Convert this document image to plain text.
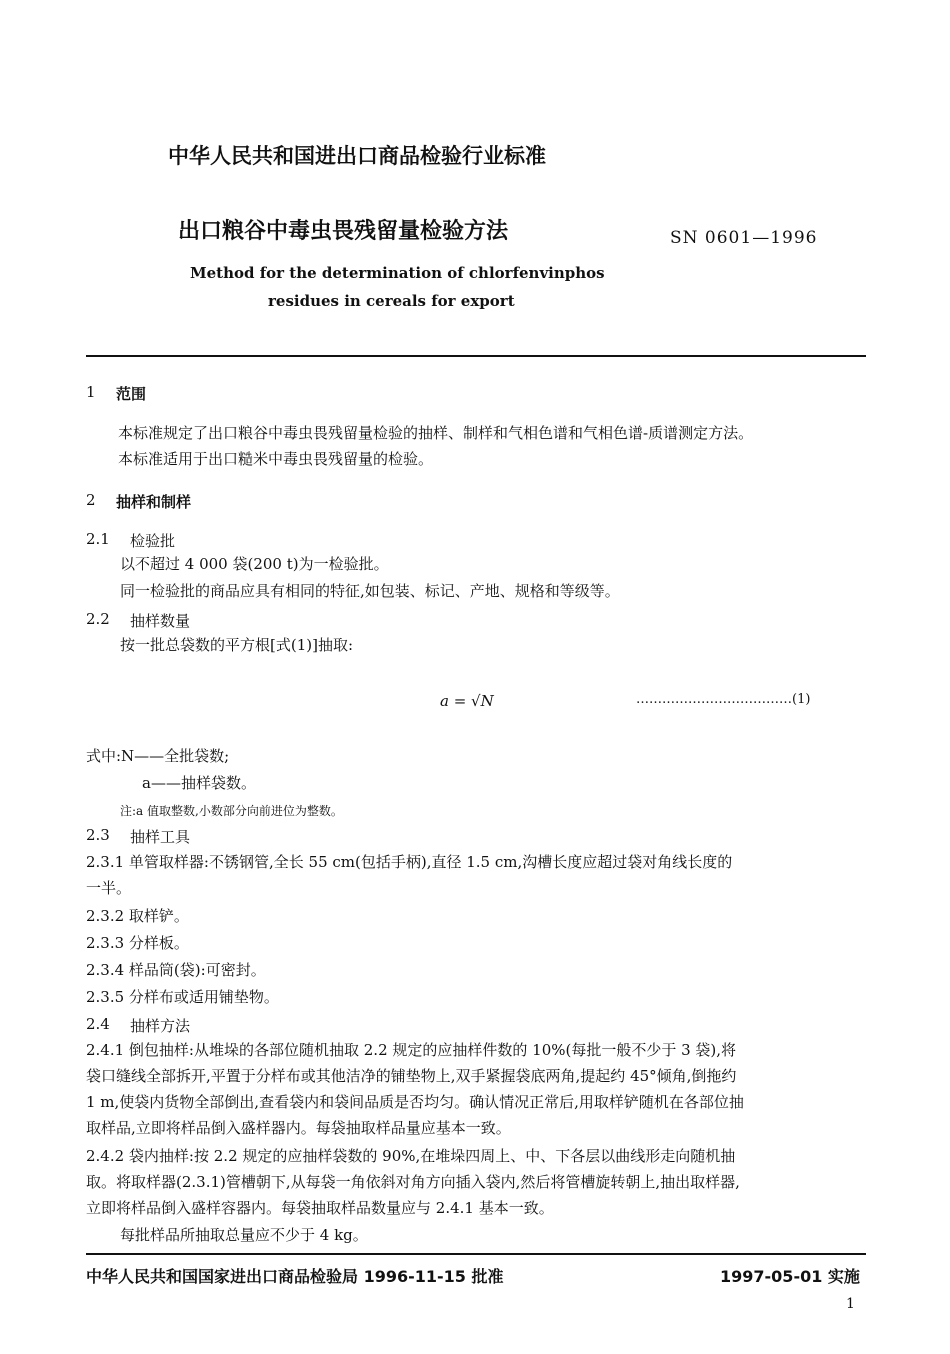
中华人民共和国进出口商品检验行业标准
出口粮谷中毒虫畏残留量检验方法	SN 0601—1996
Method for the determination of chlorfenvinphos
residues in cereals for export
1 范围
本标准规定了出口粮谷中毒虫畏残留量检验的抽样、制样和气相色谱和气相色谱-质谱测定方法。
本标准适用于出口糙米中毒虫畏残留量的检验。
2 抽样和制样
2.1 检验批
以不超过 4 000 袋(200 t)为一检验批。
同一检验批的商品应具有相同的特征,如包装、标记、产地、规格和等级等。
2.2 抽样数量
按一批总袋数的平方根[式(1)]抽取:
a = √N	………………………………(1)
式中:N——全批袋数;
a——抽样袋数。
注:a 值取整数,小数部分向前进位为整数。
2.3 抽样工具
2.3.1 单管取样器:不锈钢管,全长 55 cm(包括手柄),直径 1.5 cm,沟槽长度应超过袋对角线长度的
一半。
2.3.2 取样铲。
2.3.3 分样板。
2.3.4 样品筒(袋):可密封。
2.3.5 分样布或适用铺垫物。
2.4 抽样方法
2.4.1 倒包抽样:从堆垛的各部位随机抽取 2.2 规定的应抽样件数的 10%(每批一般不少于 3 袋),将
袋口缝线全部拆开,平置于分样布或其他洁净的铺垫物上,双手紧握袋底两角,提起约 45°倾角,倒拖约
1 m,使袋内货物全部倒出,查看袋内和袋间品质是否均匀。确认情况正常后,用取样铲随机在各部位抽
取样品,立即将样品倒入盛样器内。每袋抽取样品量应基本一致。
2.4.2 袋内抽样:按 2.2 规定的应抽样袋数的 90%,在堆垛四周上、中、下各层以曲线形走向随机抽
取。将取样器(2.3.1)管槽朝下,从每袋一角依斜对角方向插入袋内,然后将管槽旋转朝上,抽出取样器,
立即将样品倒入盛样容器内。每袋抽取样品数量应与 2.4.1 基本一致。
每批样品所抽取总量应不少于 4 kg。
中华人民共和国国家进出口商品检验局 1996-11-15 批准	1997-05-01 实施
1
